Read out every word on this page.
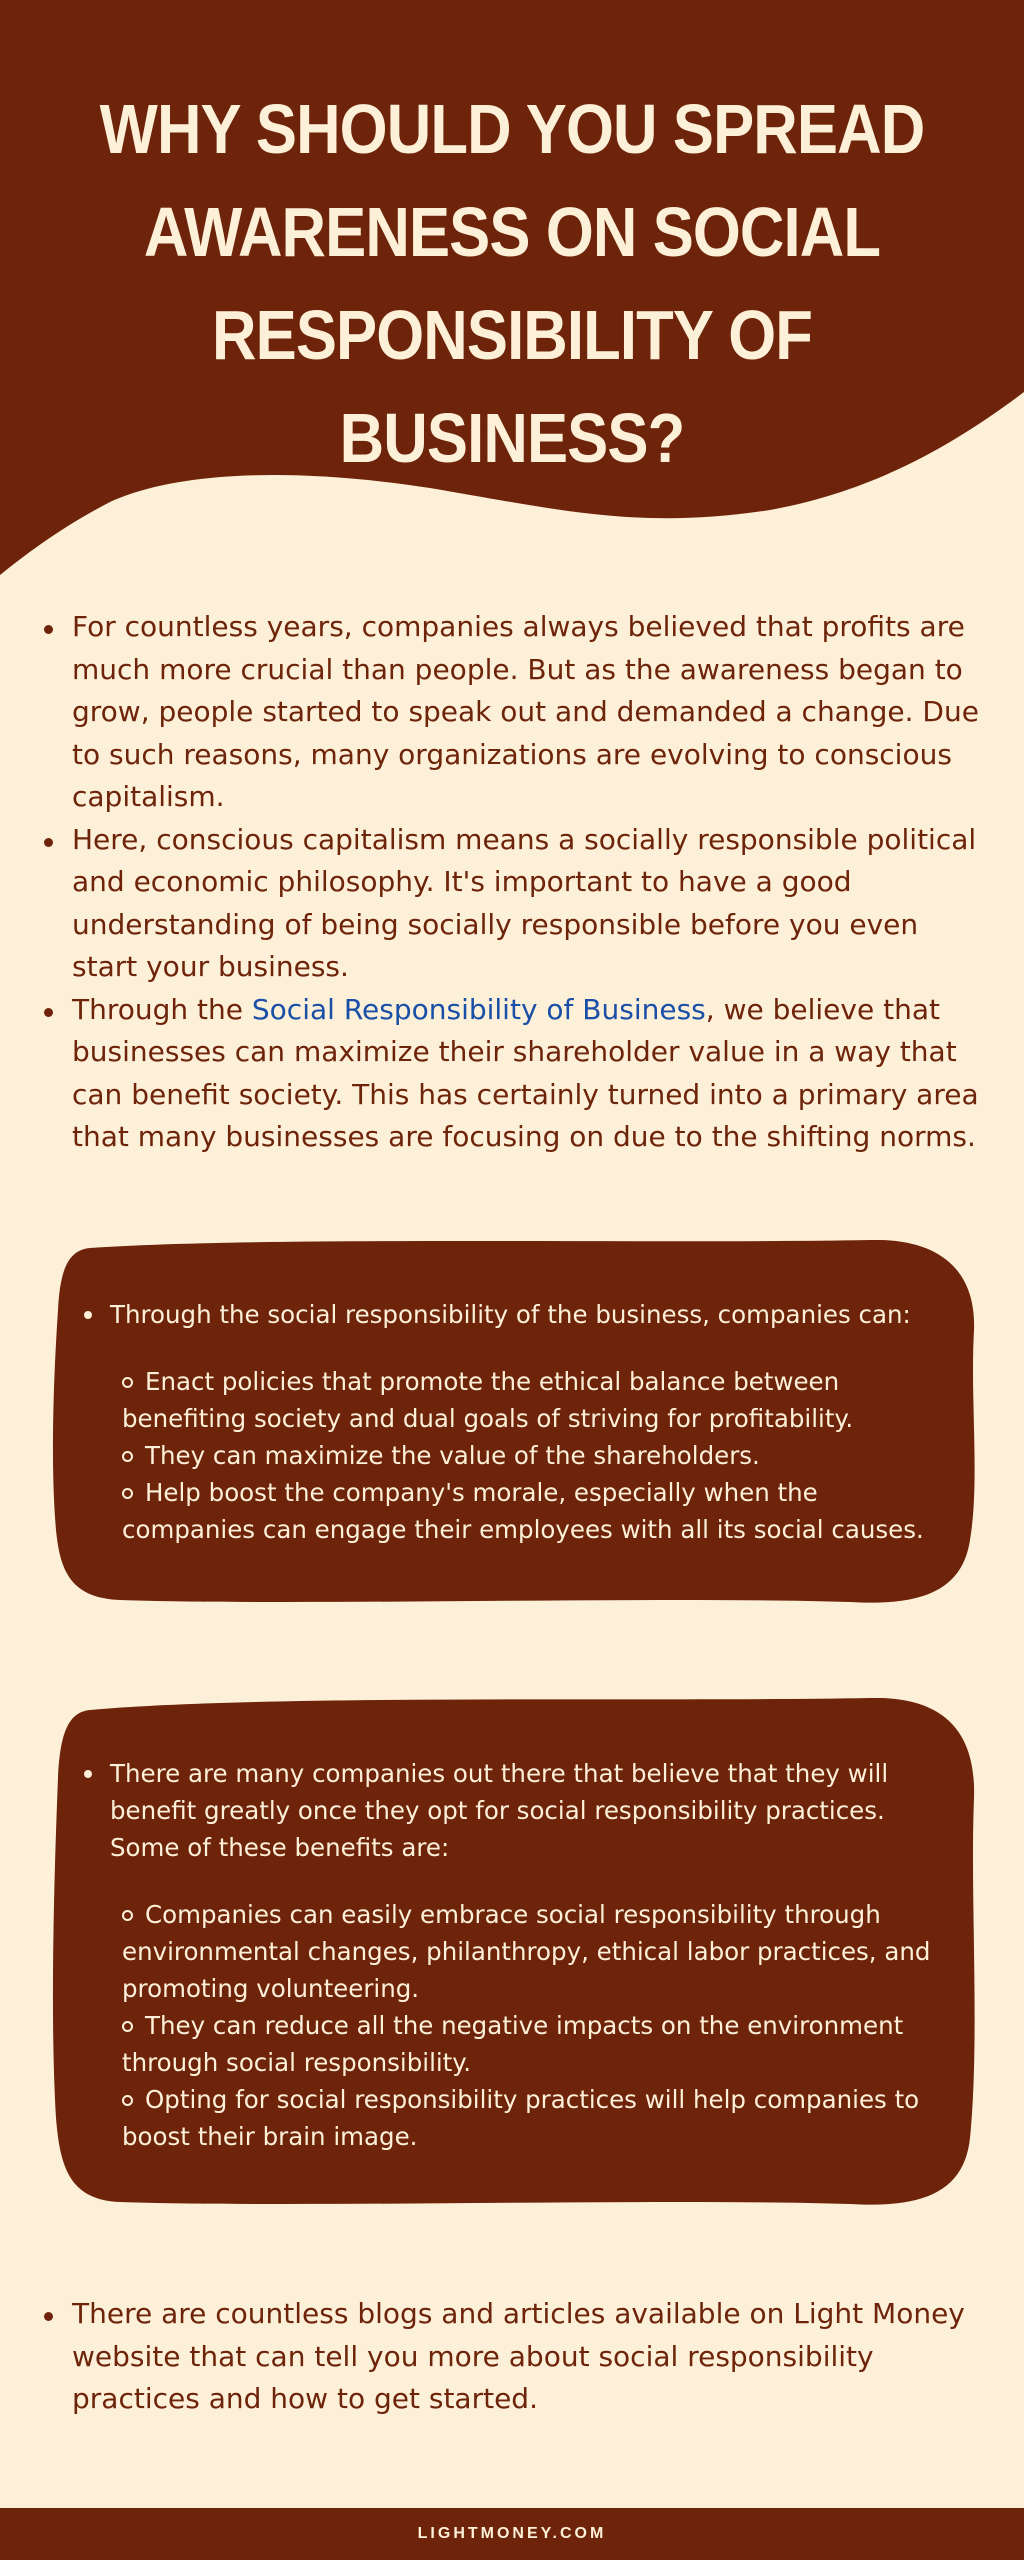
WHY SHOULD YOU SPREAD
AWARENESS ON SOCIAL
RESPONSIBILITY OF BUSINESS?
For countless years, companies always believed that profits are much more crucial than people. But as the awareness began to grow, people started to speak out and demanded a change. Due to such reasons, many organizations are evolving to conscious capitalism.
Here, conscious capitalism means a socially responsible political and economic philosophy. It's important to have a good understanding of being socially responsible before you even start your business.
Through the Social Responsibility of Business, we believe that businesses can maximize their shareholder value in a way that can benefit society. This has certainly turned into a primary area that many businesses are focusing on due to the shifting norms.

Through the social responsibility of the business, companies can:

Enact policies that promote the ethical balance between benefiting society and dual goals of striving for profitability.
They can maximize the value of the shareholders.
Help boost the company's morale, especially when the companies can engage their employees with all its social causes.

There are many companies out there that believe that they will benefit greatly once they opt for social responsibility practices. Some of these benefits are:

Companies can easily embrace social responsibility through environmental changes, philanthropy, ethical labor practices, and promoting volunteering.
They can reduce all the negative impacts on the environment through social responsibility.
Opting for social responsibility practices will help companies to boost their brain image.
There are countless blogs and articles available on Light Money website that can tell you more about social responsibility practices and how to get started.
LIGHTMONEY.COM
